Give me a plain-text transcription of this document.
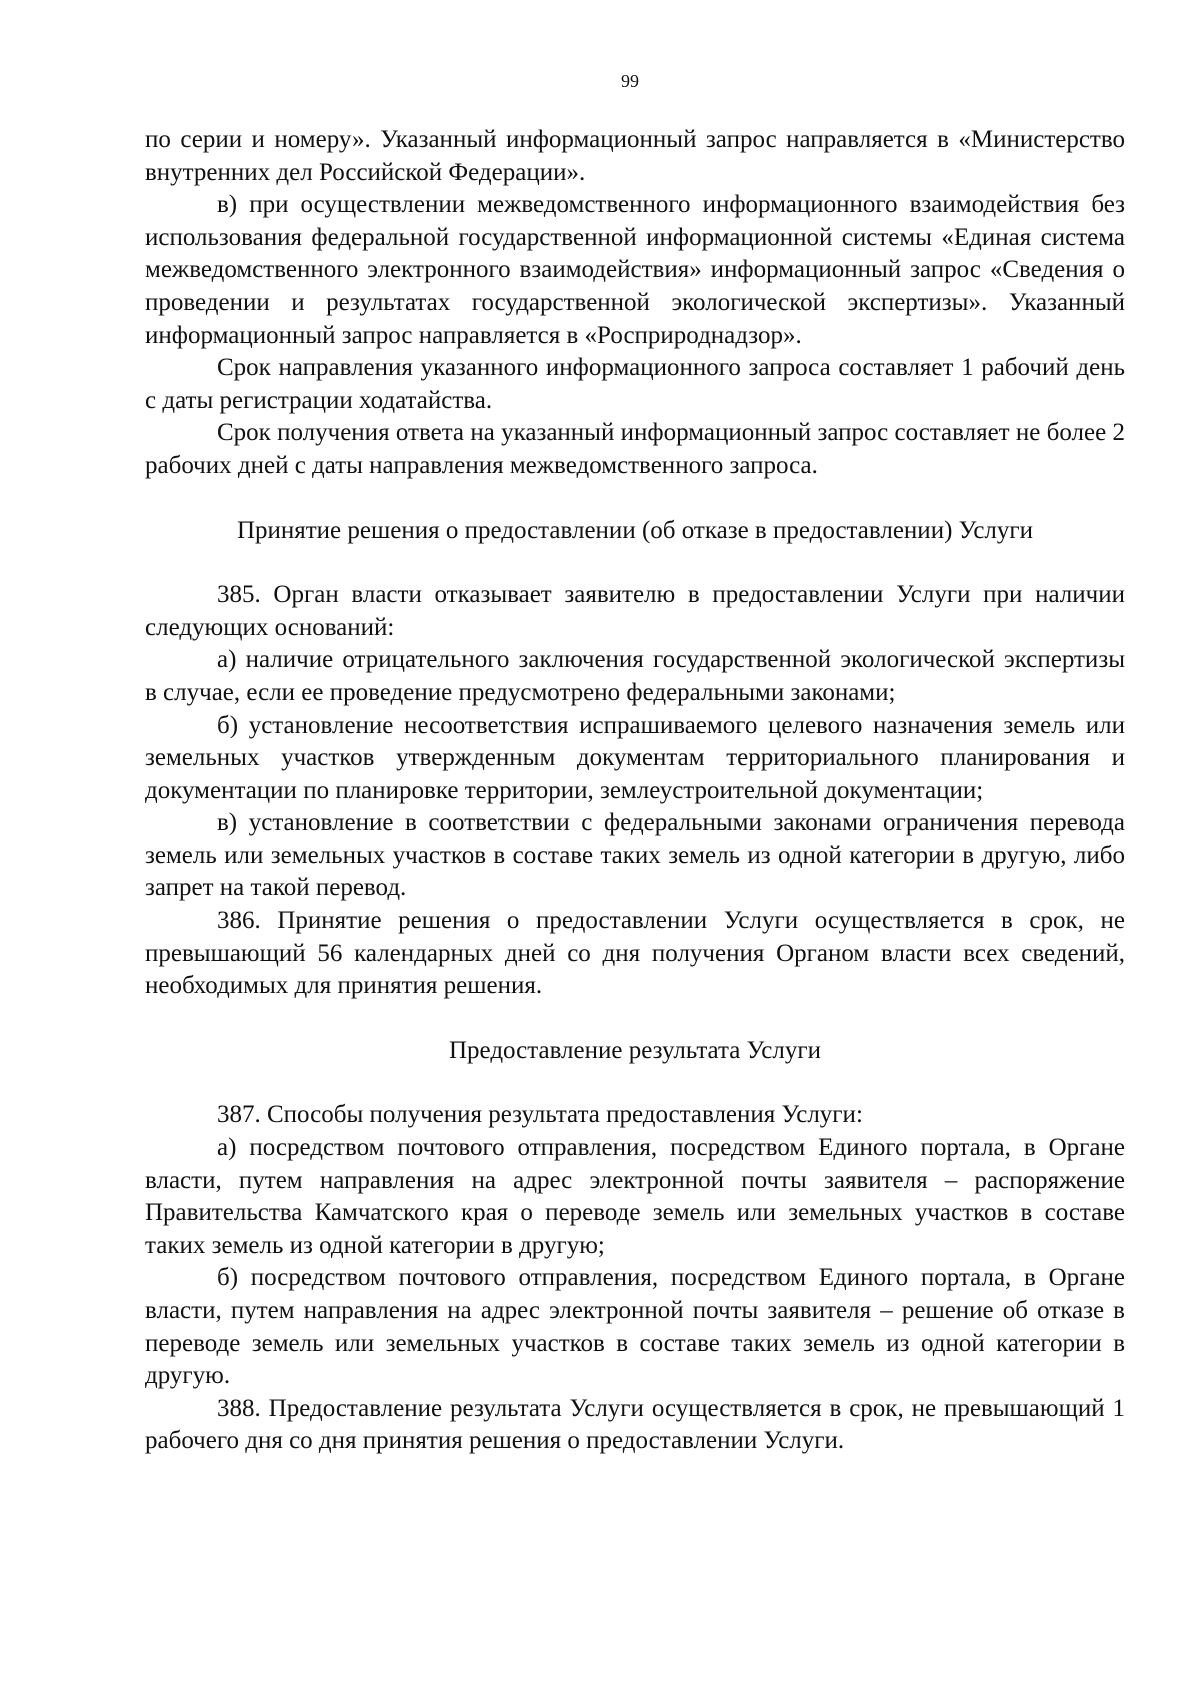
99

по серии и номеру». Указанный информационный запрос направляется в «Министерство внутренних дел Российской Федерации».

в) при осуществлении межведомственного информационного взаимодействия без использования федеральной государственной информационной системы «Единая система межведомственного электронного взаимодействия» информационный запрос «Сведения о проведении и результатах государственной экологической экспертизы». Указанный информационный запрос направляется в «Росприроднадзор».

Срок направления указанного информационного запроса составляет 1 рабочий день с даты регистрации ходатайства.

Срок получения ответа на указанный информационный запрос составляет не более 2 рабочих дней с даты направления межведомственного запроса.

Принятие решения о предоставлении (об отказе в предоставлении) Услуги

385. Орган власти отказывает заявителю в предоставлении Услуги при наличии следующих оснований:

а) наличие отрицательного заключения государственной экологической экспертизы в случае, если ее проведение предусмотрено федеральными законами;

б) установление несоответствия испрашиваемого целевого назначения земель или земельных участков утвержденным документам территориального планирования и документации по планировке территории, землеустроительной документации;

в) установление в соответствии с федеральными законами ограничения перевода земель или земельных участков в составе таких земель из одной категории в другую, либо запрет на такой перевод.

386. Принятие решения о предоставлении Услуги осуществляется в срок, не превышающий 56 календарных дней со дня получения Органом власти всех сведений, необходимых для принятия решения.

Предоставление результата Услуги

387. Способы получения результата предоставления Услуги:

а) посредством почтового отправления, посредством Единого портала, в Органе власти, путем направления на адрес электронной почты заявителя – распоряжение Правительства Камчатского края о переводе земель или земельных участков в составе таких земель из одной категории в другую;

б) посредством почтового отправления, посредством Единого портала, в Органе власти, путем направления на адрес электронной почты заявителя – решение об отказе в переводе земель или земельных участков в составе таких земель из одной категории в другую.

388. Предоставление результата Услуги осуществляется в срок, не превышающий 1 рабочего дня со дня принятия решения о предоставлении Услуги.
